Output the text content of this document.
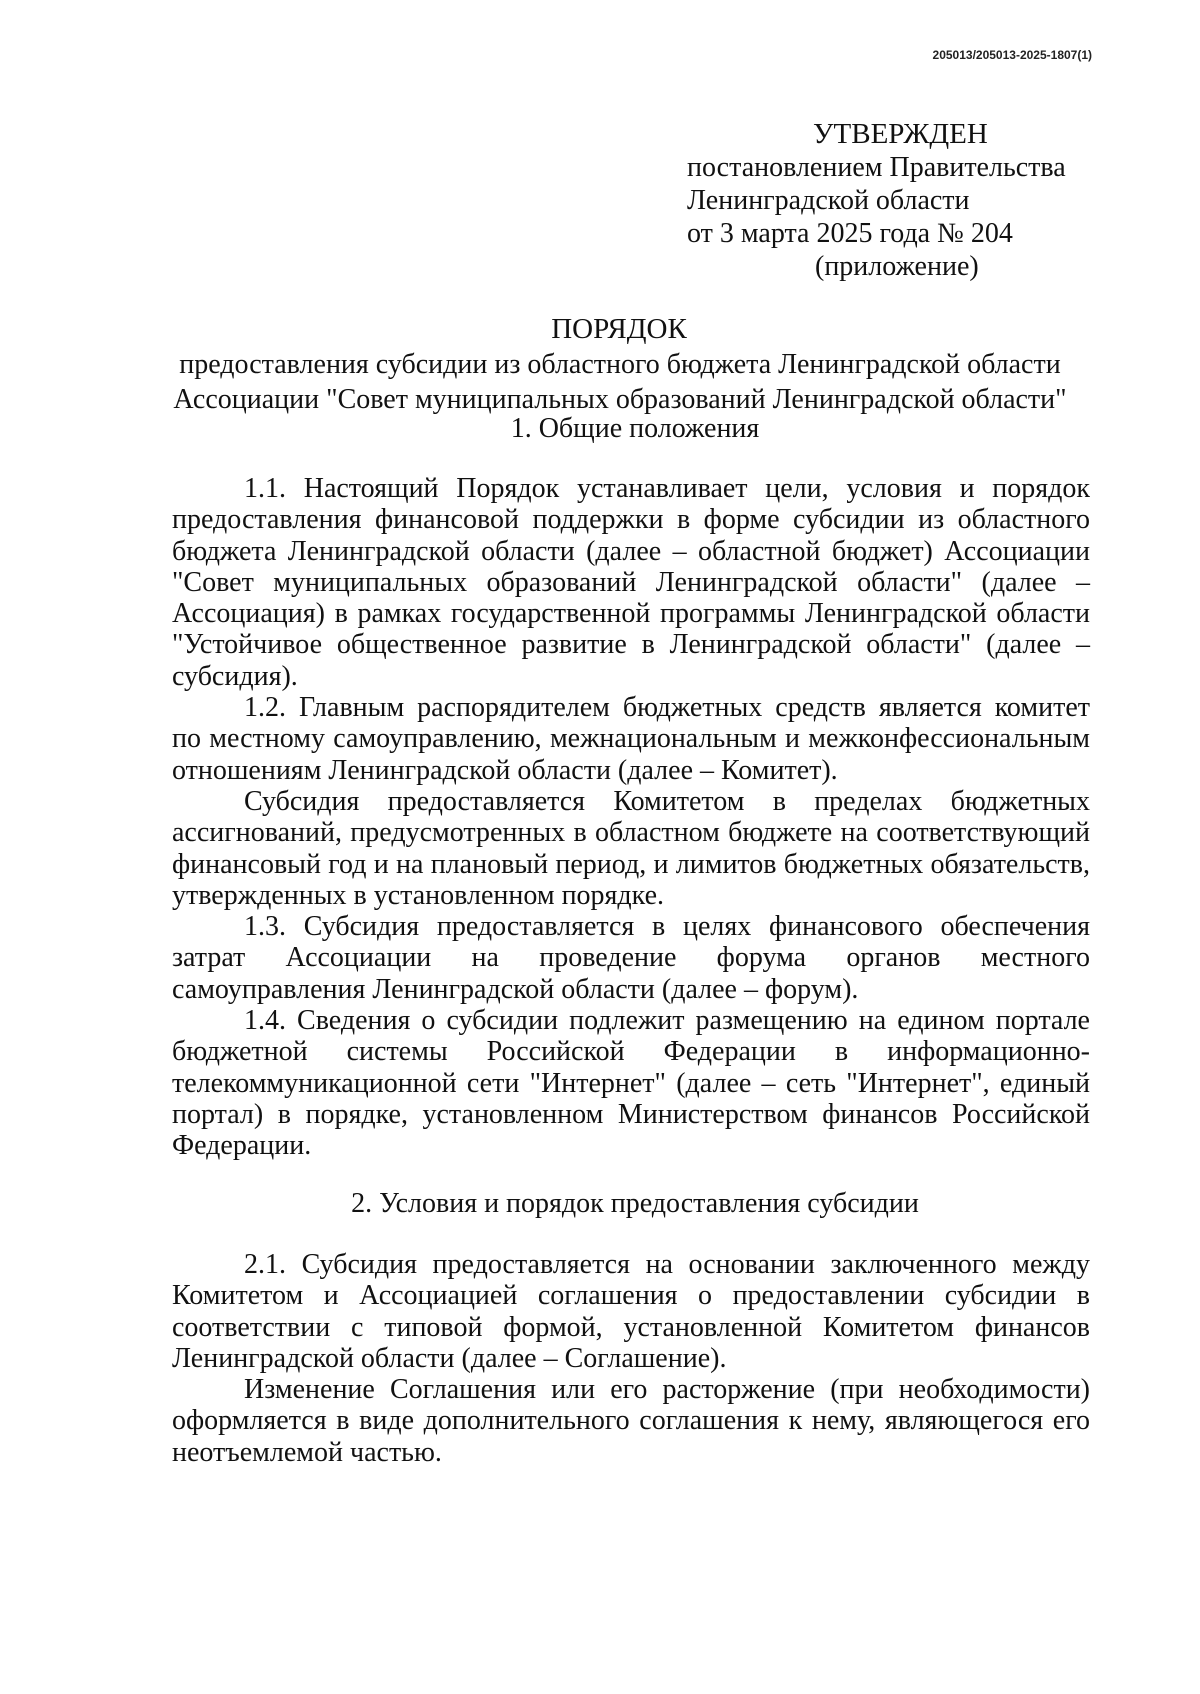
205013/205013-2025-1807(1)
УТВЕРЖДЕН
постановлением Правительства
Ленинградской области
от 3 марта 2025 года № 204
(приложение)
ПОРЯДОК
предоставления субсидии из областного бюджета Ленинградской области
Ассоциации "Совет муниципальных образований Ленинградской области"
1. Общие положения

1.1. Настоящий Порядок устанавливает цели, условия и порядок предоставления финансовой поддержки в форме субсидии из областного бюджета Ленинградской области (далее – областной бюджет) Ассоциации "Совет муниципальных образований Ленинградской области" (далее – Ассоциация) в рамках государственной программы Ленинградской области "Устойчивое общественное развитие в Ленинградской области" (далее – субсидия).

1.2. Главным распорядителем бюджетных средств является комитет по местному самоуправлению, межнациональным и межконфессиональным отношениям Ленинградской области (далее – Комитет).

Субсидия предоставляется Комитетом в пределах бюджетных ассигнований, предусмотренных в областном бюджете на соответствующий финансовый год и на плановый период, и лимитов бюджетных обязательств, утвержденных в установленном порядке.

1.3. Субсидия предоставляется в целях финансового обеспечения затрат Ассоциации на проведение форума органов местного самоуправления Ленинградской области (далее – форум).

1.4. Сведения о субсидии подлежит размещению на едином портале бюджетной системы Российской Федерации в информационно-телекоммуникационной сети "Интернет" (далее – сеть "Интернет", единый портал) в порядке, установленном Министерством финансов Российской Федерации.

2. Условия и порядок предоставления субсидии

2.1. Субсидия предоставляется на основании заключенного между Комитетом и Ассоциацией соглашения о предоставлении субсидии в соответствии с типовой формой, установленной Комитетом финансов Ленинградской области (далее – Соглашение).

Изменение Соглашения или его расторжение (при необходимости) оформляется в виде дополнительного соглашения к нему, являющегося его неотъемлемой частью.
